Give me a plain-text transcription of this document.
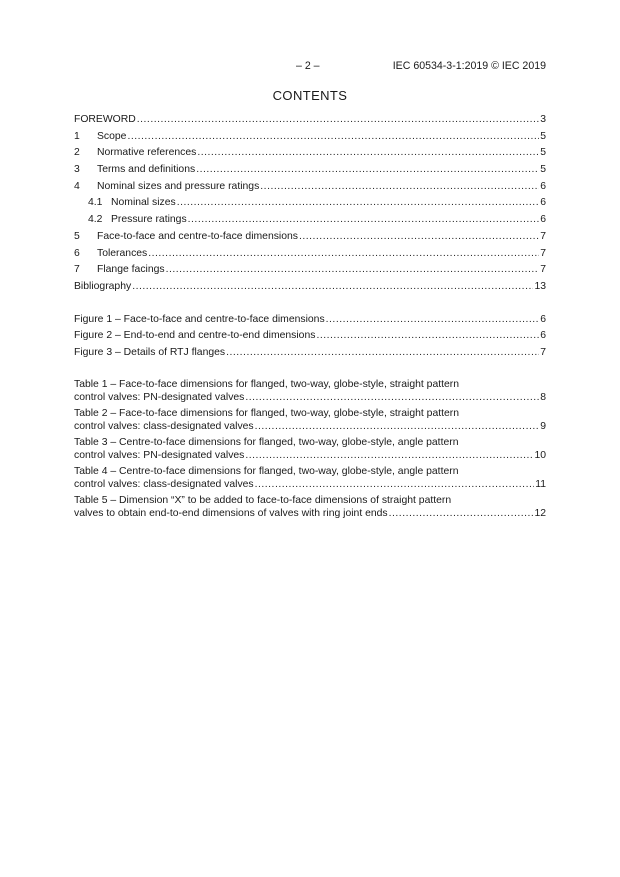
– 2 –	IEC 60534-3-1:2019 © IEC 2019
CONTENTS
FOREWORD .....	3
1	Scope .....	5
2	Normative references .....	5
3	Terms and definitions .....	5
4	Nominal sizes and pressure ratings .....	6
4.1 Nominal sizes .....	6
4.2 Pressure ratings .....	6
5	Face-to-face and centre-to-face dimensions .....	7
6	Tolerances .....	7
7	Flange facings .....	7
Bibliography .....	13
Figure 1 – Face-to-face and centre-to-face dimensions .....	6
Figure 2 – End-to-end and centre-to-end dimensions .....	6
Figure 3 – Details of RTJ flanges .....	7
Table 1 – Face-to-face dimensions for flanged, two-way, globe-style, straight pattern
control valves: PN-designated valves .....	8
Table 2 – Face-to-face dimensions for flanged, two-way, globe-style, straight pattern
control valves: class-designated valves .....	9
Table 3 – Centre-to-face dimensions for flanged, two-way, globe-style, angle pattern
control valves: PN-designated valves .....	10
Table 4 – Centre-to-face dimensions for flanged, two-way, globe-style, angle pattern
control valves: class-designated valves .....	11
Table 5 – Dimension “X” to be added to face-to-face dimensions of straight pattern
valves to obtain end-to-end dimensions of valves with ring joint ends .....	12
